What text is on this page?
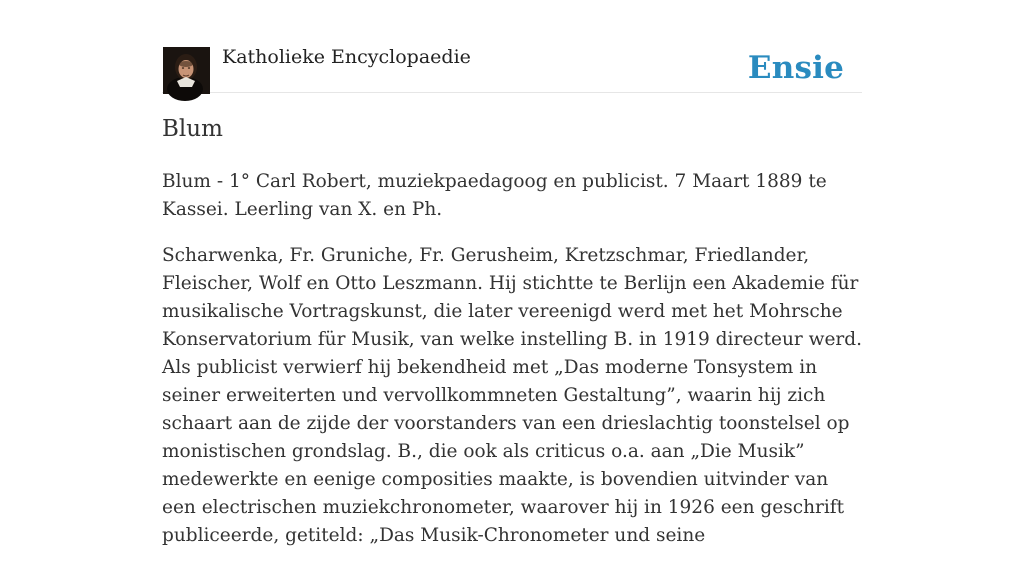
Katholieke Encyclopaedie	Ensie
Blum

Blum - 1° Carl Robert, muziekpaedagoog en publicist. 7 Maart 1889 te Kassei. Leerling van X. en Ph.

Scharwenka, Fr. Gruniche, Fr. Gerusheim, Kretzschmar, Friedlander, Fleischer, Wolf en Otto Leszmann. Hij stichtte te Berlijn een Akademie für musikalische Vortragskunst, die later vereenigd werd met het Mohrsche Konservatorium für Musik, van welke instelling B. in 1919 directeur werd. Als publicist verwierf hij bekendheid met „Das moderne Tonsystem in seiner erweiterten und vervollkommneten Gestaltung”, waarin hij zich schaart aan de zijde der voorstanders van een drieslachtig toonstelsel op monistischen grondslag. B., die ook als criticus o.a. aan „Die Musik” medewerkte en eenige composities maakte, is bovendien uitvinder van een electrischen muziekchronometer, waarover hij in 1926 een geschrift publiceerde, getiteld: „Das Musik-Chronometer und seine
